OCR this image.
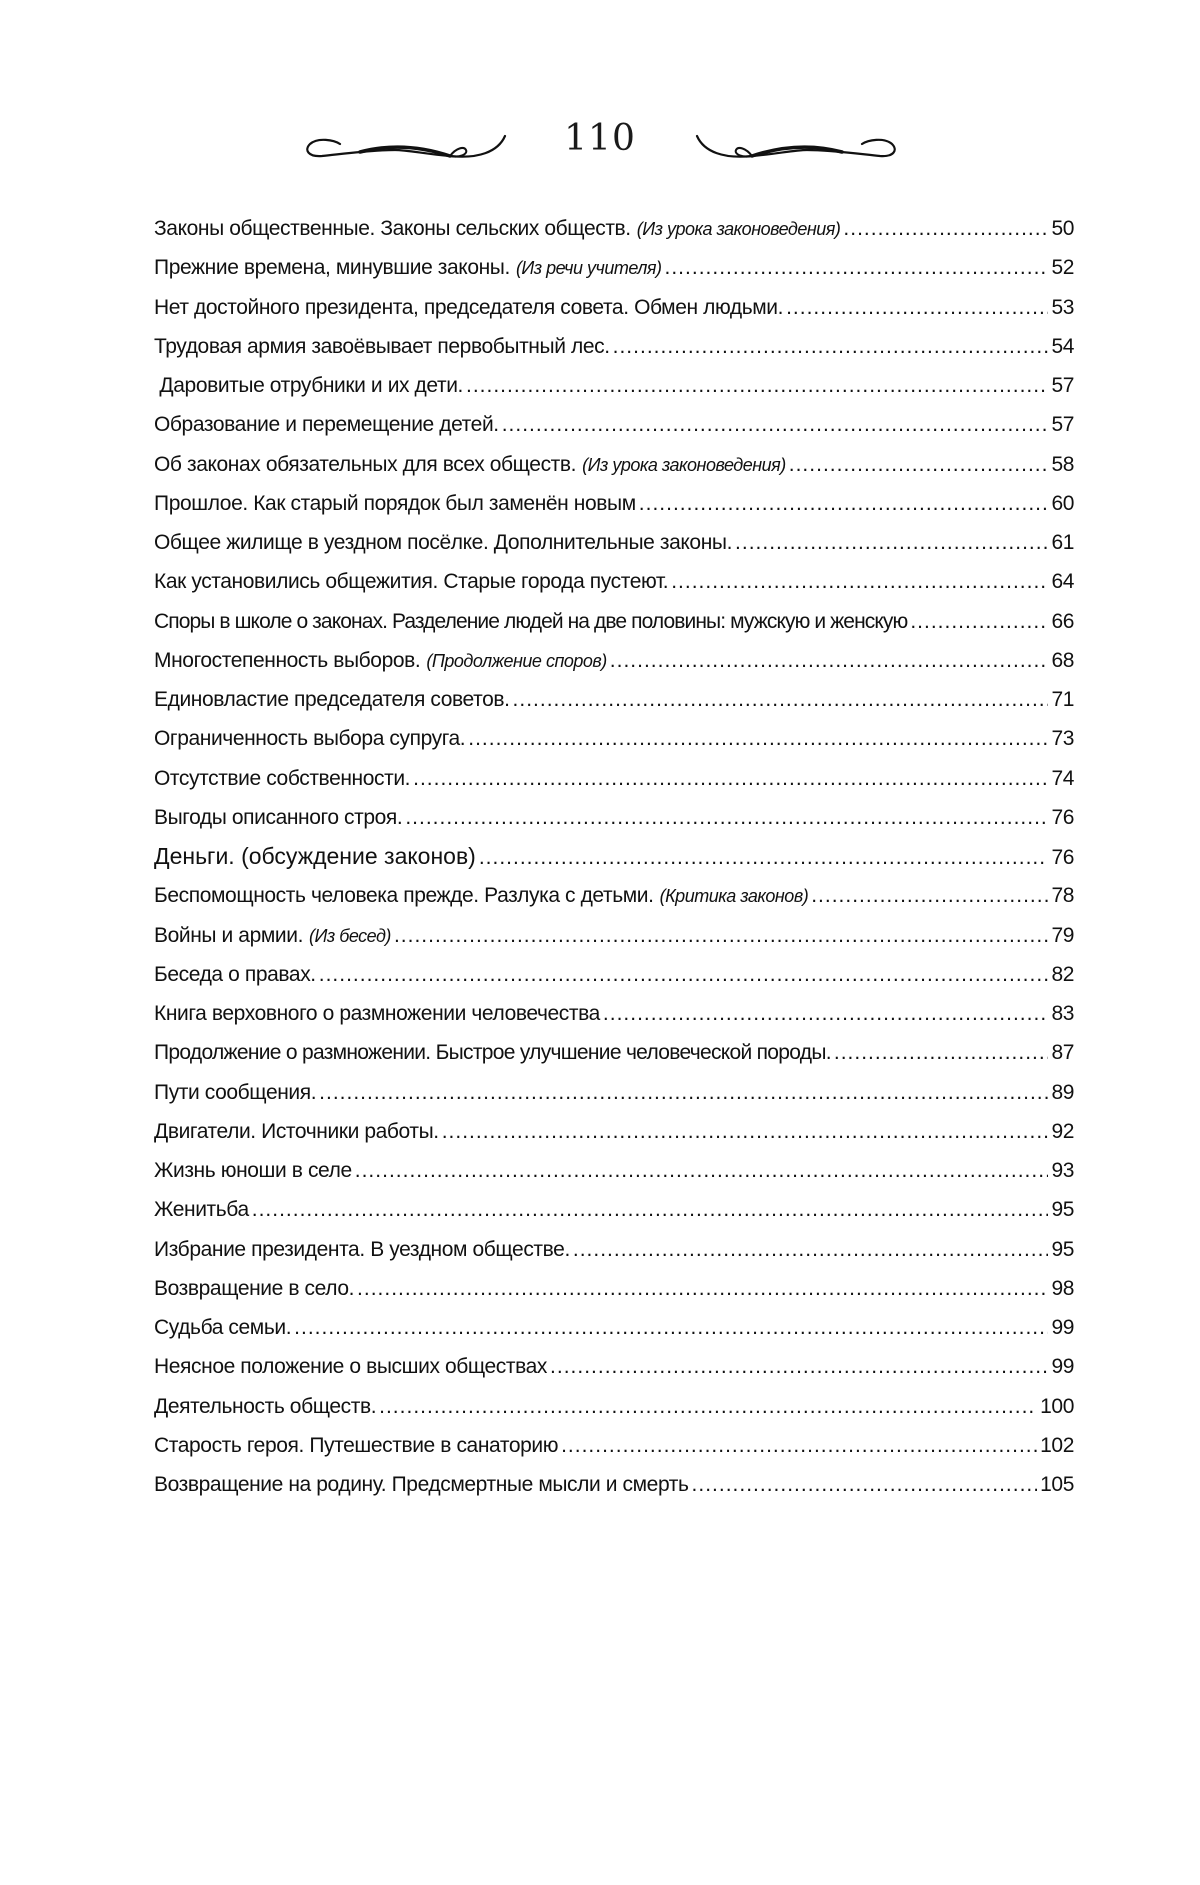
110
Законы общественные. Законы сельских обществ. (Из урока законоведения) .....	50
Прежние времена, минувшие законы. (Из речи учителя) .....	52
Нет достойного президента, председателя совета. Обмен людьми. .....	53
Трудовая армия завоёвывает первобытный лес. .....	54
Даровитые отрубники и их дети. .....	57
Образование и перемещение детей. .....	57
Об законах обязательных для всех обществ. (Из урока законоведения) .....	58
Прошлое. Как старый порядок был заменён новым .....	60
Общее жилище в уездном посёлке. Дополнительные законы. .....	61
Как установились общежития. Старые города пустеют. .....	64
Споры в школе о законах. Разделение людей на две половины: мужскую и женскую .....	66
Многостепенность выборов. (Продолжение споров) .....	68
Единовластие председателя советов. .....	71
Ограниченность выбора супруга. .....	73
Отсутствие собственности. .....	74
Выгоды описанного строя. .....	76
Деньги. (обсуждение законов) .....	76
Беспомощность человека прежде. Разлука с детьми. (Критика законов) .....	78
Войны и армии. (Из бесед) .....	79
Беседа о правах. .....	82
Книга верховного о размножении человечества .....	83
Продолжение о размножении. Быстрое улучшение человеческой породы. .....	87
Пути сообщения. .....	89
Двигатели. Источники работы. .....	92
Жизнь юноши в селе .....	93
Женитьба .....	95
Избрание президента. В уездном обществе. .....	95
Возвращение в село. .....	98
Судьба семьи. .....	99
Неясное положение о высших обществах .....	99
Деятельность обществ. .....	100
Старость героя. Путешествие в санаторию .....	102
Возвращение на родину. Предсмертные мысли и смерть .....	105
